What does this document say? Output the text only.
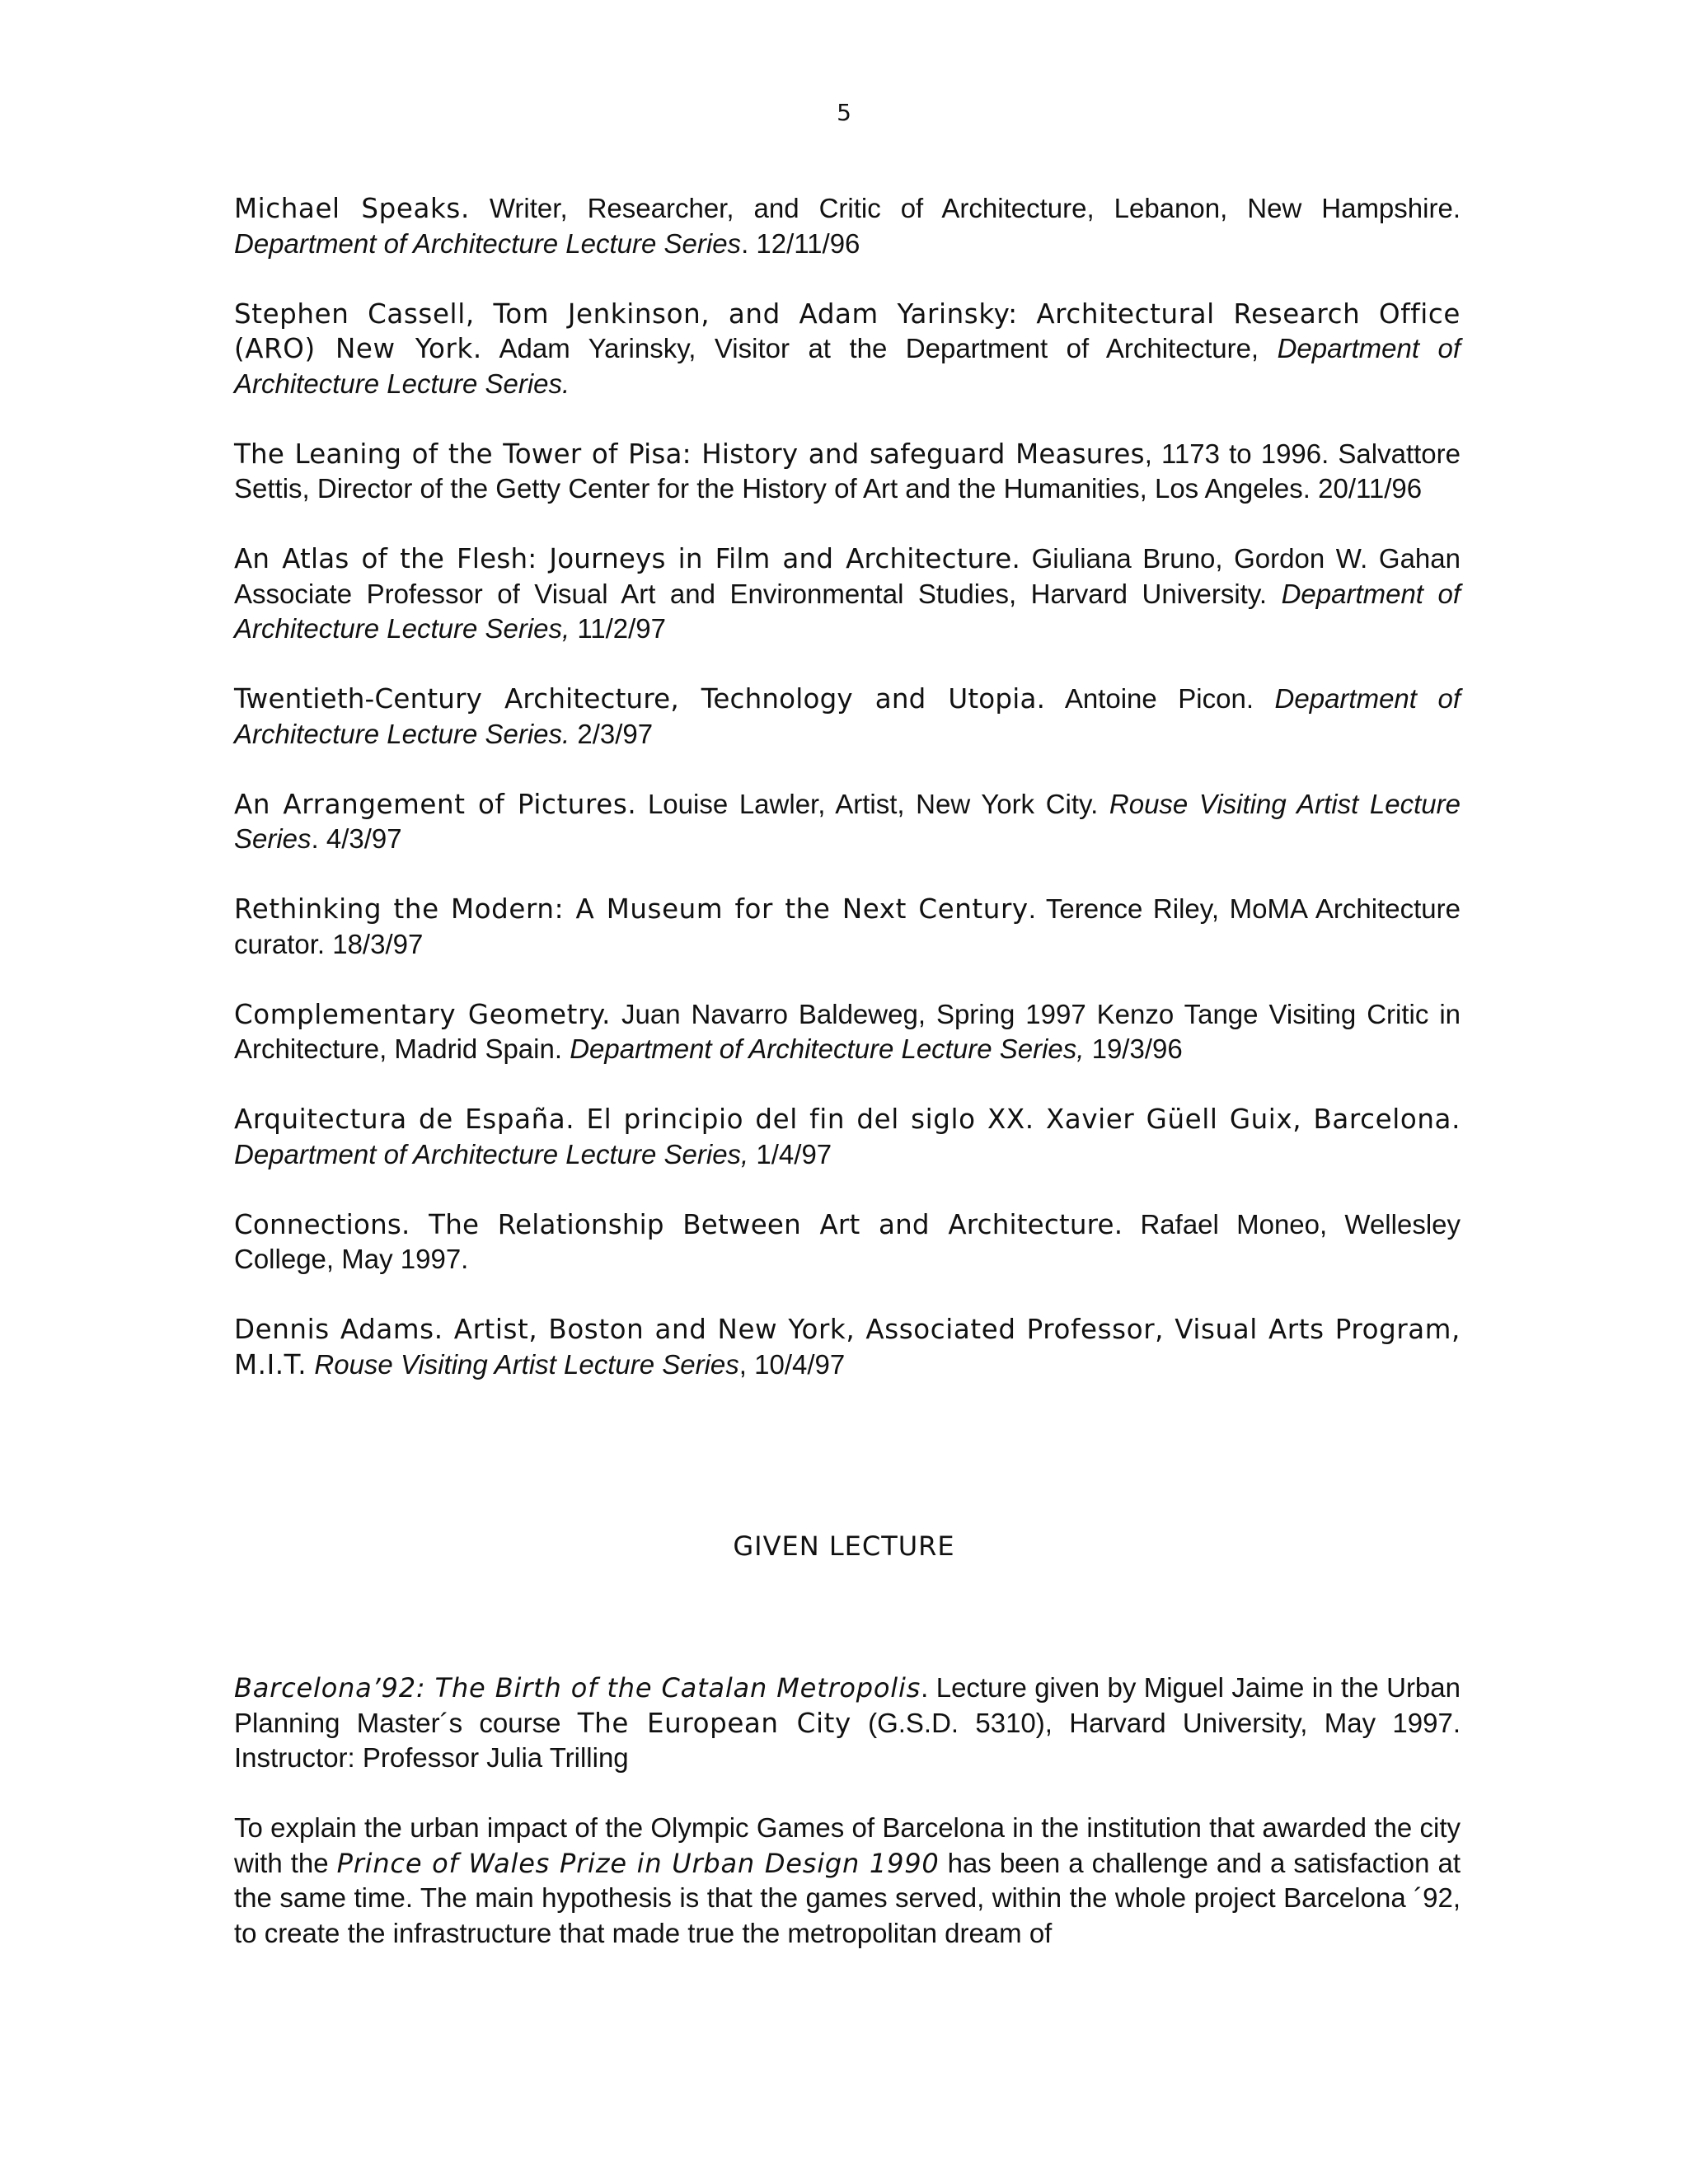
5

Michael Speaks. Writer, Researcher, and Critic of Architecture, Lebanon, New Hampshire. Department of Architecture Lecture Series. 12/11/96

Stephen Cassell, Tom Jenkinson, and Adam Yarinsky: Architectural Research Office (ARO) New York. Adam Yarinsky, Visitor at the Department of Architecture, Department of Architecture Lecture Series.

The Leaning of the Tower of Pisa: History and safeguard Measures, 1173 to 1996. Salvattore Settis, Director of the Getty Center for the History of Art and the Humanities, Los Angeles. 20/11/96

An Atlas of the Flesh: Journeys in Film and Architecture. Giuliana Bruno, Gordon W. Gahan Associate Professor of Visual Art and Environmental Studies, Harvard University. Department of Architecture Lecture Series, 11/2/97

Twentieth-Century Architecture, Technology and Utopia. Antoine Picon. Department of Architecture Lecture Series. 2/3/97

An Arrangement of Pictures. Louise Lawler, Artist, New York City. Rouse Visiting Artist Lecture Series. 4/3/97

Rethinking the Modern: A Museum for the Next Century. Terence Riley, MoMA Architecture curator. 18/3/97

Complementary Geometry. Juan Navarro Baldeweg, Spring 1997 Kenzo Tange Visiting Critic in Architecture, Madrid Spain. Department of Architecture Lecture Series, 19/3/96

Arquitectura de España. El principio del fin del siglo XX. Xavier Güell Guix, Barcelona. Department of Architecture Lecture Series, 1/4/97

Connections. The Relationship Between Art and Architecture. Rafael Moneo, Wellesley College, May 1997.

Dennis Adams. Artist, Boston and New York, Associated Professor, Visual Arts Program, M.I.T. Rouse Visiting Artist Lecture Series, 10/4/97

GIVEN LECTURE

Barcelona’92: The Birth of the Catalan Metropolis. Lecture given by Miguel Jaime in the Urban Planning Master´s course The European City (G.S.D. 5310), Harvard University, May 1997. Instructor: Professor Julia Trilling

To explain the urban impact of the Olympic Games of Barcelona in the institution that awarded the city with the Prince of Wales Prize in Urban Design 1990 has been a challenge and a satisfaction at the same time. The main hypothesis is that the games served, within the whole project Barcelona ´92, to create the infrastructure that made true the metropolitan dream of
